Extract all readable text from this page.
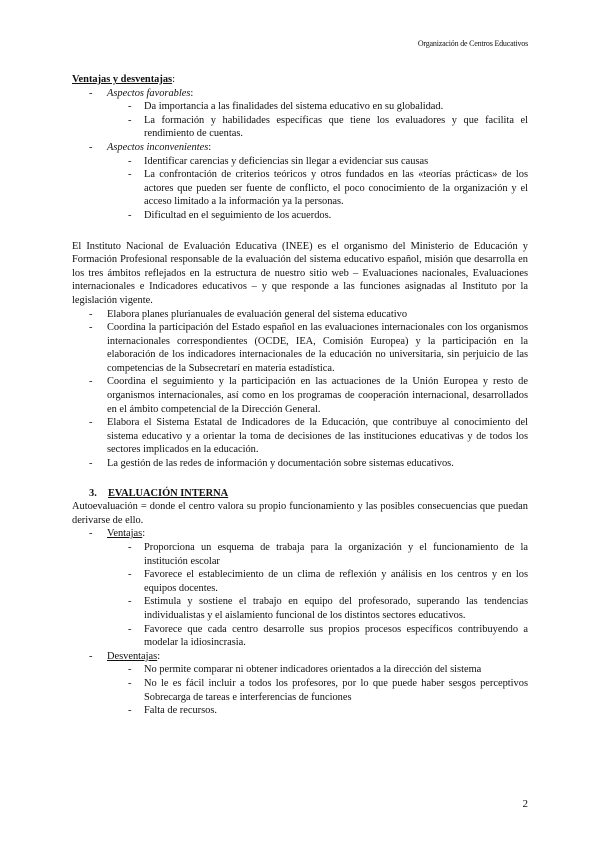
Organización de Centros Educativos

Ventajas y desventajas:

- Aspectos favorables:
- Da importancia a las finalidades del sistema educativo en su globalidad.
- La formación y habilidades específicas que tiene los evaluadores y que facilita el rendimiento de cuentas.
- Aspectos inconvenientes:
- Identificar carencias y deficiencias sin llegar a evidenciar sus causas
- La confrontación de criterios teóricos y otros fundados en las «teorías prácticas» de los actores que pueden ser fuente de conflicto, el poco conocimiento de la organización y el acceso limitado a la información ya la personas.
- Dificultad en el seguimiento de los acuerdos.

El Instituto Nacional de Evaluación Educativa (INEE) es el organismo del Ministerio de Educación y Formación Profesional responsable de la evaluación del sistema educativo español, misión que desarrolla en los tres ámbitos reflejados en la estructura de nuestro sitio web – Evaluaciones nacionales, Evaluaciones internacionales e Indicadores educativos – y que responde a las funciones asignadas al Instituto por la legislación vigente.

- Elabora planes plurianuales de evaluación general del sistema educativo
- Coordina la participación del Estado español en las evaluaciones internacionales con los organismos internacionales correspondientes (OCDE, IEA, Comisión Europea) y la participación en la elaboración de los indicadores internacionales de la educación no universitaria, sin perjuicio de las competencias de la Subsecretarí en materia estadística.
- Coordina el seguimiento y la participación en las actuaciones de la Unión Europea y resto de organismos internacionales, así como en los programas de cooperación internacional, desarrollados en el ámbito competencial de la Dirección General.
- Elabora el Sistema Estatal de Indicadores de la Educación, que contribuye al conocimiento del sistema educativo y a orientar la toma de decisiones de las instituciones educativas y de todos los sectores implicados en la educación.
- La gestión de las redes de información y documentación sobre sistemas educativos.

3. EVALUACIÓN INTERNA

Autoevaluación = donde el centro valora su propio funcionamiento y las posibles consecuencias que puedan derivarse de ello.

- Ventajas:
- Proporciona un esquema de trabaja para la organización y el funcionamiento de la institución escolar
- Favorece el establecimiento de un clima de reflexión y análisis en los centros y en los equipos docentes.
- Estimula y sostiene el trabajo en equipo del profesorado, superando las tendencias individualistas y el aislamiento funcional de los distintos sectores educativos.
- Favorece que cada centro desarrolle sus propios procesos específicos contribuyendo a modelar la idiosincrasia.
- Desventajas:
- No permite comparar ni obtener indicadores orientados a la dirección del sistema
- No le es fácil incluir a todos los profesores, por lo que puede haber sesgos perceptivos Sobrecarga de tareas e interferencias de funciones
- Falta de recursos.
2
